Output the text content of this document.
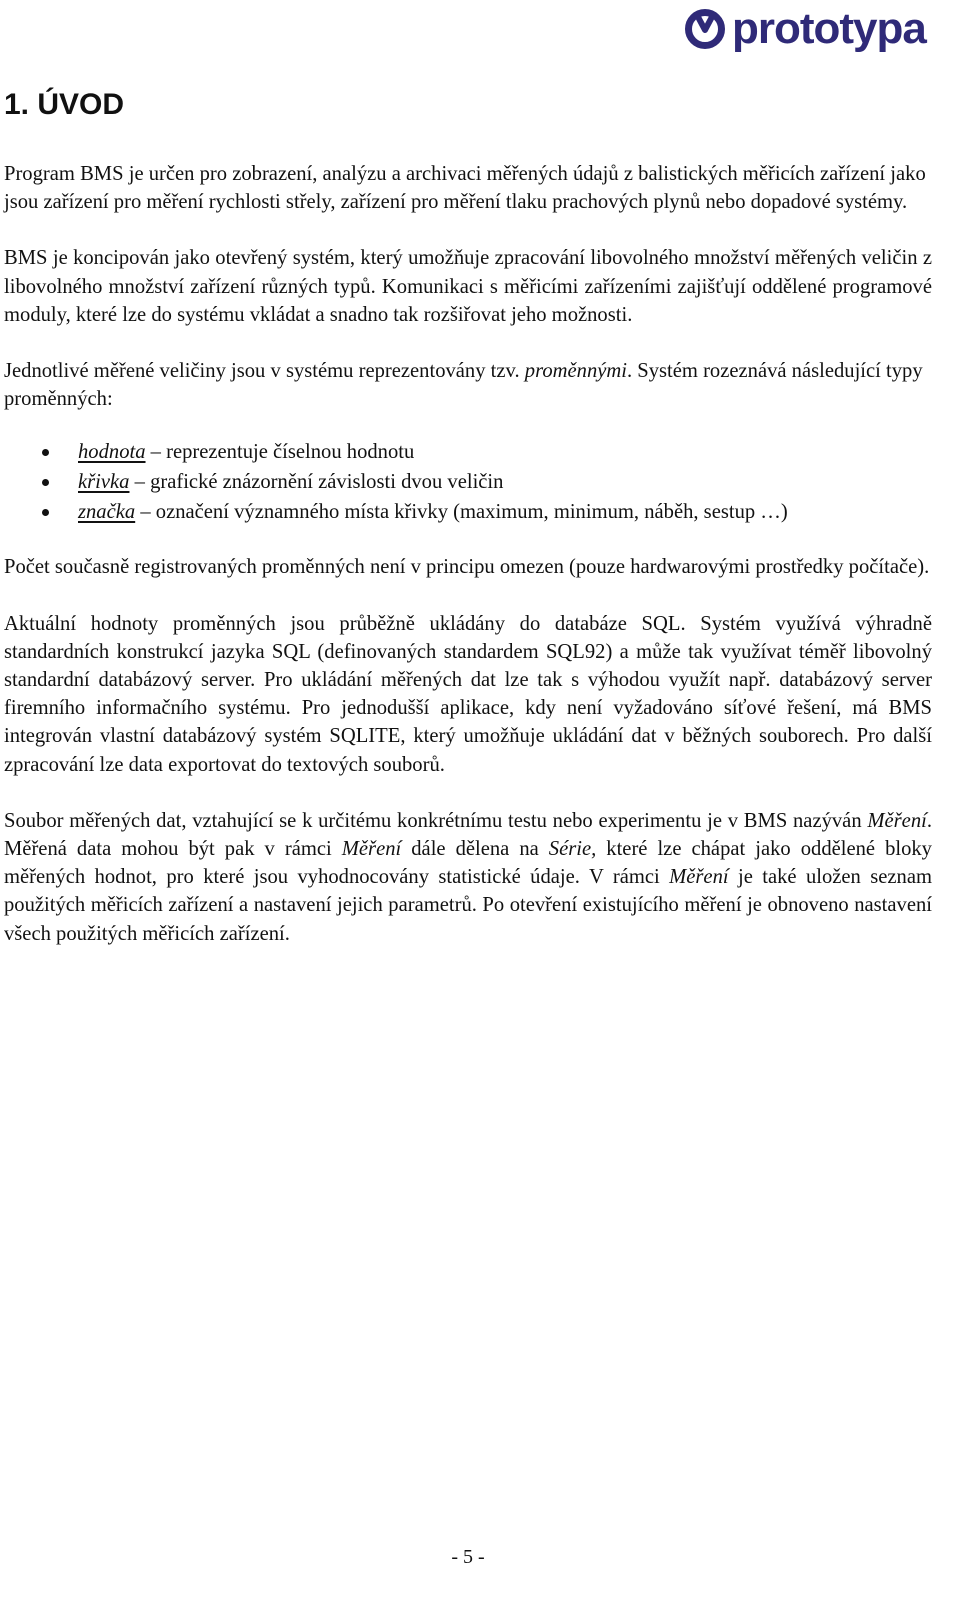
prototypa
1. ÚVOD

Program BMS je určen pro zobrazení, analýzu a archivaci měřených údajů z balistických měřicích zařízení jako jsou zařízení pro měření rychlosti střely, zařízení pro měření tlaku prachových plynů nebo dopadové systémy.

BMS je koncipován jako otevřený systém, který umožňuje zpracování libovolného množství měřených veličin z libovolného množství zařízení různých typů. Komunikaci s měřicími zařízeními zajišťují oddělené programové moduly, které lze do systému vkládat a snadno tak rozšiřovat jeho možnosti.

Jednotlivé měřené veličiny jsou v systému reprezentovány tzv. proměnnými. Systém rozeznává následující typy proměnných:

hodnota – reprezentuje číselnou hodnotu
křivka – grafické znázornění závislosti dvou veličin
značka – označení významného místa křivky (maximum, minimum, náběh, sestup …)

Počet současně registrovaných proměnných není v principu omezen (pouze hardwarovými prostředky počítače).

Aktuální hodnoty proměnných jsou průběžně ukládány do databáze SQL. Systém využívá výhradně standardních konstrukcí jazyka SQL (definovaných standardem SQL92) a může tak využívat téměř libovolný standardní databázový server. Pro ukládání měřených dat lze tak s výhodou využít např. databázový server firemního informačního systému. Pro jednodušší aplikace, kdy není vyžadováno síťové řešení, má BMS integrován vlastní databázový systém SQLITE, který umožňuje ukládání dat v běžných souborech. Pro další zpracování lze data exportovat do textových souborů.

Soubor měřených dat, vztahující se k určitému konkrétnímu testu nebo experimentu je v BMS nazýván Měření. Měřená data mohou být pak v rámci Měření dále dělena na Série, které lze chápat jako oddělené bloky měřených hodnot, pro které jsou vyhodnocovány statistické údaje. V rámci Měření je také uložen seznam použitých měřicích zařízení a nastavení jejich parametrů. Po otevření existujícího měření je obnoveno nastavení všech použitých měřicích zařízení.

- 5 -
